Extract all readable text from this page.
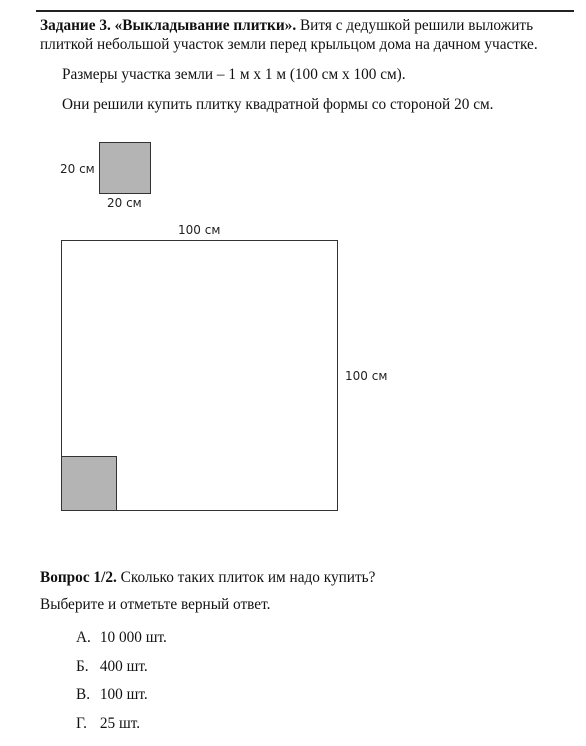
Задание 3. «Выкладывание плитки». Витя с дедушкой решили выложить плиткой небольшой участок земли перед крыльцом дома на дачном участке.
Размеры участка земли – 1 м х 1 м (100 см х 100 см).
Они решили купить плитку квадратной формы со стороной 20 см.
20 см
20 см
100 см
100 см
Вопрос 1/2. Сколько таких плиток им надо купить?
Выберите и отметьте верный ответ.
А. 10 000 шт.
Б. 400 шт.
В. 100 шт.
Г. 25 шт.
